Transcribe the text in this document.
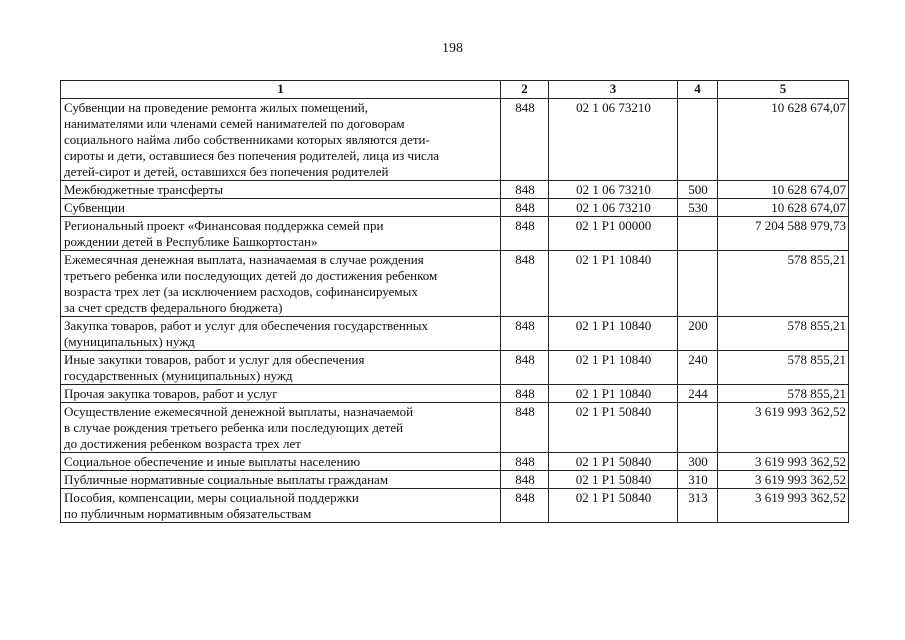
198
1	2	3	4	5
Субвенции на проведение ремонта жилых помещений,
нанимателями или членами семей нанимателей по договорам
социального найма либо собственниками которых являются дети-
сироты и дети, оставшиеся без попечения родителей, лица из числа
детей-сирот и детей, оставшихся без попечения родителей	848	02 1 06 73210		10 628 674,07
Межбюджетные трансферты	848	02 1 06 73210	500	10 628 674,07
Субвенции	848	02 1 06 73210	530	10 628 674,07
Региональный проект «Финансовая поддержка семей при
рождении детей в Республике Башкортостан»	848	02 1 P1 00000		7 204 588 979,73
Ежемесячная денежная выплата, назначаемая в случае рождения
третьего ребенка или последующих детей до достижения ребенком
возраста трех лет (за исключением расходов, софинансируемых
за счет средств федерального бюджета)	848	02 1 P1 10840		578 855,21
Закупка товаров, работ и услуг для обеспечения государственных
(муниципальных) нужд	848	02 1 P1 10840	200	578 855,21
Иные закупки товаров, работ и услуг для обеспечения
государственных (муниципальных) нужд	848	02 1 P1 10840	240	578 855,21
Прочая закупка товаров, работ и услуг	848	02 1 P1 10840	244	578 855,21
Осуществление ежемесячной денежной выплаты, назначаемой
в случае рождения третьего ребенка или последующих детей
до достижения ребенком возраста трех лет	848	02 1 P1 50840		3 619 993 362,52
Социальное обеспечение и иные выплаты населению	848	02 1 P1 50840	300	3 619 993 362,52
Публичные нормативные социальные выплаты гражданам	848	02 1 P1 50840	310	3 619 993 362,52
Пособия, компенсации, меры социальной поддержки
по публичным нормативным обязательствам	848	02 1 P1 50840	313	3 619 993 362,52
